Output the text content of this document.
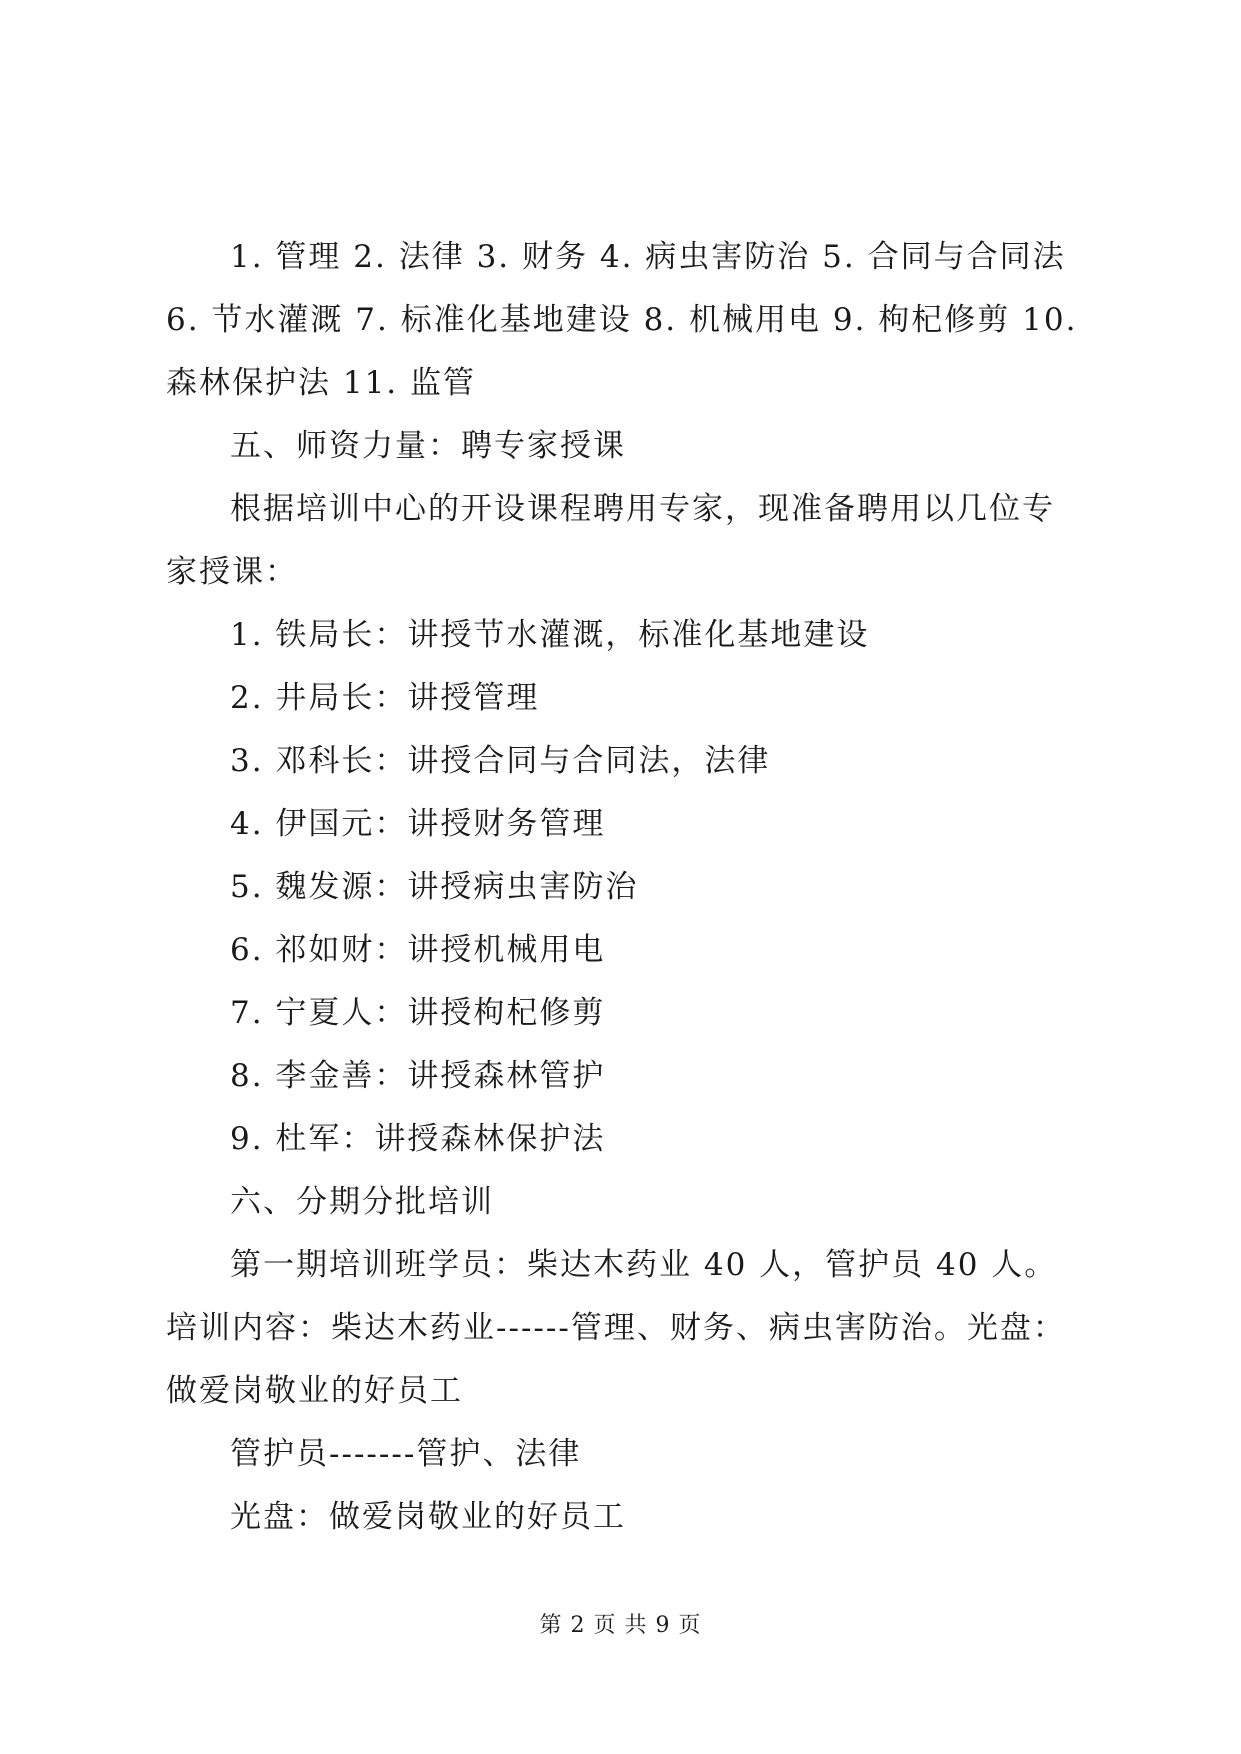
1. 管理 2. 法律 3. 财务 4. 病虫害防治 5. 合同与合同法 6. 节水灌溉 7. 标准化基地建设 8. 机械用电 9. 枸杞修剪 10. 森林保护法 11. 监管

五、师资力量：聘专家授课

根据培训中心的开设课程聘用专家，现准备聘用以几位专家授课：

1. 铁局长：讲授节水灌溉，标准化基地建设

2. 井局长：讲授管理

3. 邓科长：讲授合同与合同法，法律

4. 伊国元：讲授财务管理

5. 魏发源：讲授病虫害防治

6. 祁如财：讲授机械用电

7. 宁夏人：讲授枸杞修剪

8. 李金善：讲授森林管护

9. 杜军：讲授森林保护法

六、分期分批培训

第一期培训班学员：柴达木药业 40 人，管护员 40 人。培训内容：柴达木药业------管理、财务、病虫害防治。光盘：做爱岗敬业的好员工

管护员-------管护、法律

光盘：做爱岗敬业的好员工

第 2 页 共 9 页
